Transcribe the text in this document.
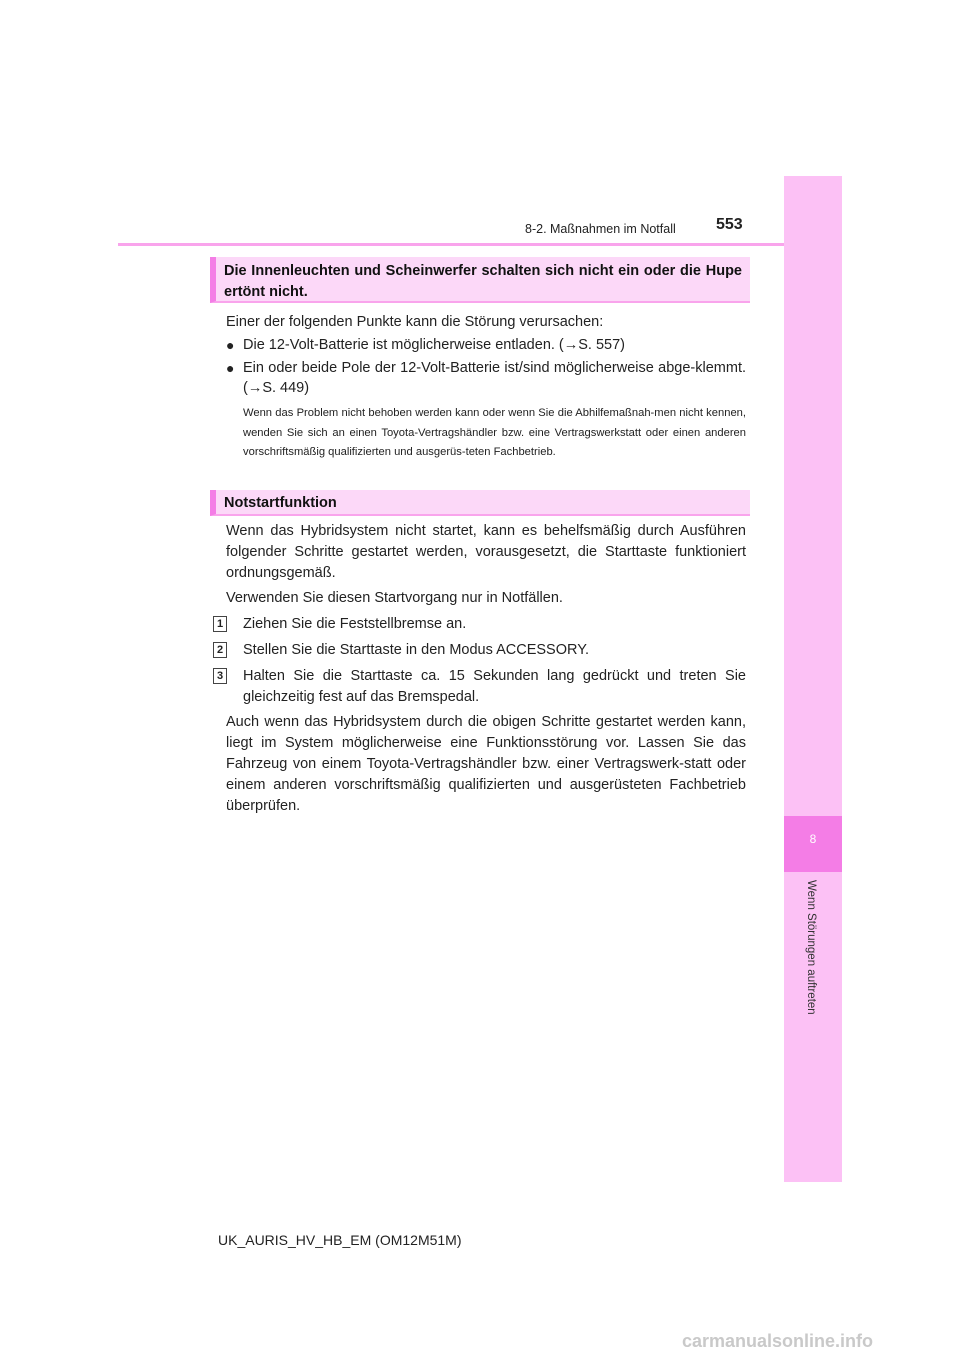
8-2. Maßnahmen im Notfall	553
8
Wenn Störungen auftreten
Die Innenleuchten und Scheinwerfer schalten sich nicht ein oder die Hupe ertönt nicht.

Einer der folgenden Punkte kann die Störung verursachen:

● Die 12-Volt-Batterie ist möglicherweise entladen. (→S. 557)

● Ein oder beide Pole der 12-Volt-Batterie ist/sind möglicherweise abge-klemmt. (→S. 449)

Wenn das Problem nicht behoben werden kann oder wenn Sie die Abhilfemaßnah-men nicht kennen, wenden Sie sich an einen Toyota-Vertragshändler bzw. eine Vertragswerkstatt oder einen anderen vorschriftsmäßig qualifizierten und ausgerüs-teten Fachbetrieb.

Notstartfunktion

Wenn das Hybridsystem nicht startet, kann es behelfsmäßig durch Ausführen folgender Schritte gestartet werden, vorausgesetzt, die Starttaste funktioniert ordnungsgemäß.

Verwenden Sie diesen Startvorgang nur in Notfällen.

1 Ziehen Sie die Feststellbremse an.

2 Stellen Sie die Starttaste in den Modus ACCESSORY.

3 Halten Sie die Starttaste ca. 15 Sekunden lang gedrückt und treten Sie gleichzeitig fest auf das Bremspedal.

Auch wenn das Hybridsystem durch die obigen Schritte gestartet werden kann, liegt im System möglicherweise eine Funktionsstörung vor. Lassen Sie das Fahrzeug von einem Toyota-Vertragshändler bzw. einer Vertragswerk-statt oder einem anderen vorschriftsmäßig qualifizierten und ausgerüsteten Fachbetrieb überprüfen.

UK_AURIS_HV_HB_EM (OM12M51M)
carmanualsonline.info
